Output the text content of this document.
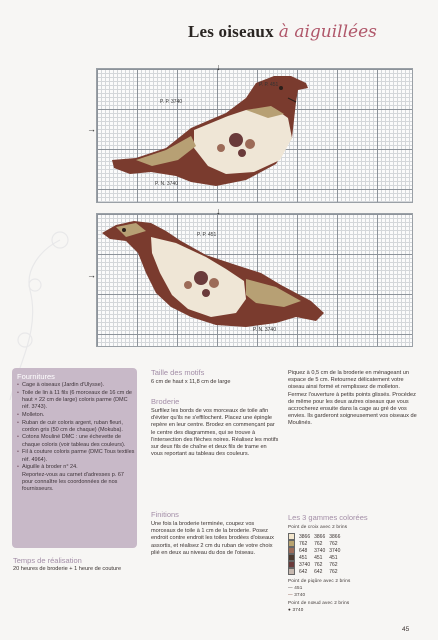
Les oiseaux à aiguillées
↓
→
P. P. 451
P. P. 3740
P. N. 3740
↓
→
P. P. 451
P. N. 3740
Fournitures
• Cage à oiseaux (Jardin d'Ulysse).
• Toile de lin à 11 fils (6 morceaux de 16 cm de haut × 22 cm de large) coloris parme (DMC réf. 3743).
• Molleton.
• Ruban de cuir coloris argent, ruban fleuri, cordon gris (50 cm de chaque) (Mokuba).
• Cotons Mouliné DMC : une échevette de chaque coloris (voir tableau des couleurs).
• Fil à couture coloris parme (DMC Tous textiles réf. 4964).
• Aiguille à broder n° 24.
Reportez-vous au carnet d'adresses p. 67 pour connaître les coordonnées de nos fournisseurs.
Temps de réalisation
20 heures de broderie + 1 heure de couture
Taille des motifs
6 cm de haut x 11,8 cm de large
Broderie
Surfilez les bords de vos morceaux de toile afin d'éviter qu'ils ne s'effilochent. Placez une épingle repère en leur centre. Brodez en commençant par le centre des diagrammes, qui se trouve à l'intersection des flèches noires. Réalisez les motifs sur deux fils de chaîne et deux fils de trame en vous reportant au tableau des couleurs.
Finitions
Une fois la broderie terminée, coupez vos morceaux de toile à 1 cm de la broderie. Posez endroit contre endroit les toiles brodées d'oiseaux assortis, et réalisez 2 cm du ruban de votre choix plié en deux au niveau du dos de l'oiseau.
Piquez à 0,5 cm de la broderie en ménageant un espace de 5 cm. Retournez délicatement votre oiseau ainsi formé et remplissez de molleton. Fermez l'ouverture à petits points glissés. Procédez de même pour les deux autres oiseaux que vous accrocherez ensuite dans la cage au gré de vos envies. Ils garderont soigneusement vos oiseaux de Moulinés.
Les 3 gammes colorées
Point de croix avec 2 brins
	3866	3866	3866
	762	762	762
	648	3740	3740
	451	451	451
	3740	762	762
	642	642	762
Point de piqûre avec 2 brins
— 451
— 3740
Point de nœud avec 2 brins
● 3740
45
